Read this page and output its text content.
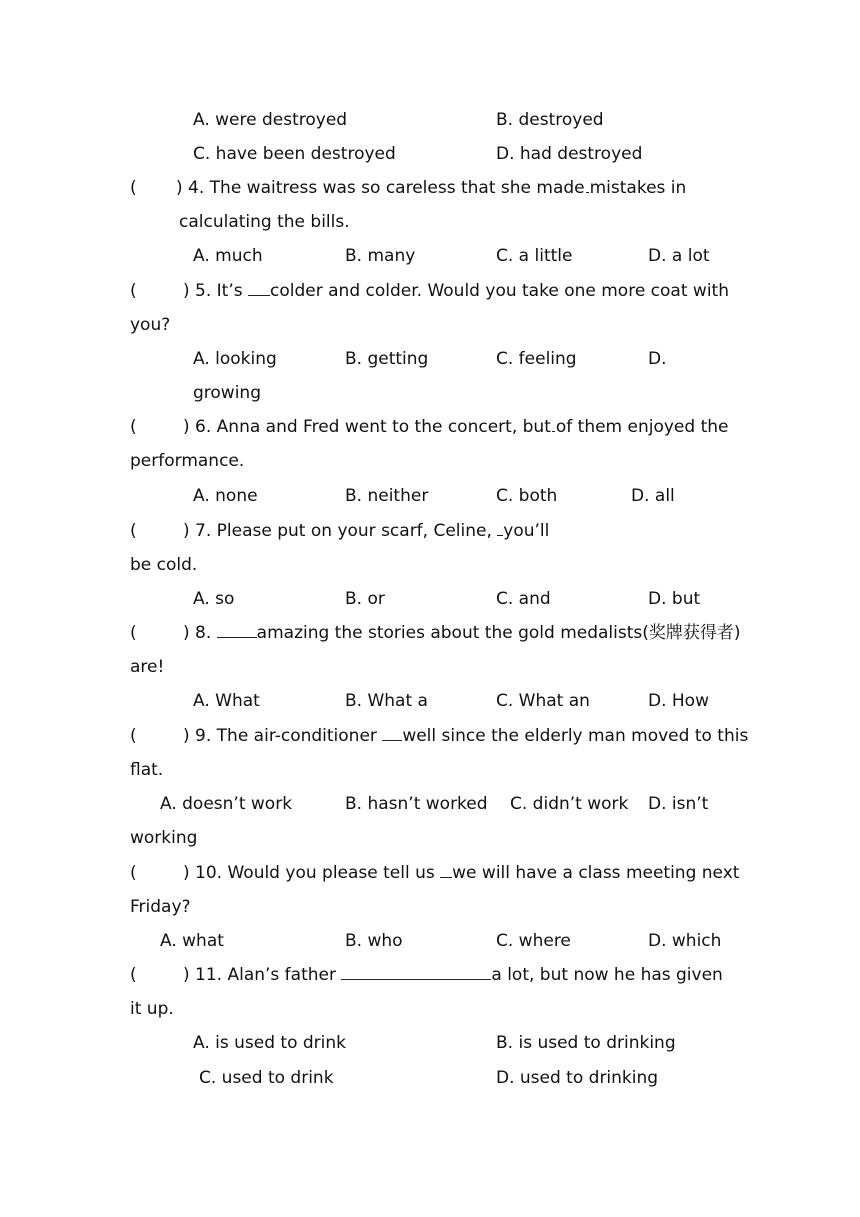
A. were destroyed	B. destroyed
C. have been destroyed	D. had destroyed
( ) 4. The waitress was so careless that she made mistakes in
calculating the bills.
A. much	B. many	C. a little	D. a lot
(	) 5. It’s colder and colder. Would you take one more coat with
you?
A. looking	B. getting	C. feeling	D.
growing
(	) 6. Anna and Fred went to the concert, but of them enjoyed the
performance.
A. none	B. neither	C. both	D. all
(	) 7. Please put on your scarf, Celine, you’ll
be cold.
A. so	B. or	C. and	D. but
(	) 8.	amazing the stories about the gold medalists(奖牌获得者)
are!
A. What	B. What a	C. What an	D. How
(	) 9. The air-conditioner well since the elderly man moved to this
flat.
A. doesn’t work	B. hasn’t worked C. didn’t work D. isn’t
working
(	) 10. Would you please tell us we will have a class meeting next
Friday?
A. what	B. who	C. where	D. which
(	) 11. Alan’s father	a lot, but now he has given
it up.
A. is used to drink	B. is used to drinking
C. used to drink	D. used to drinking
